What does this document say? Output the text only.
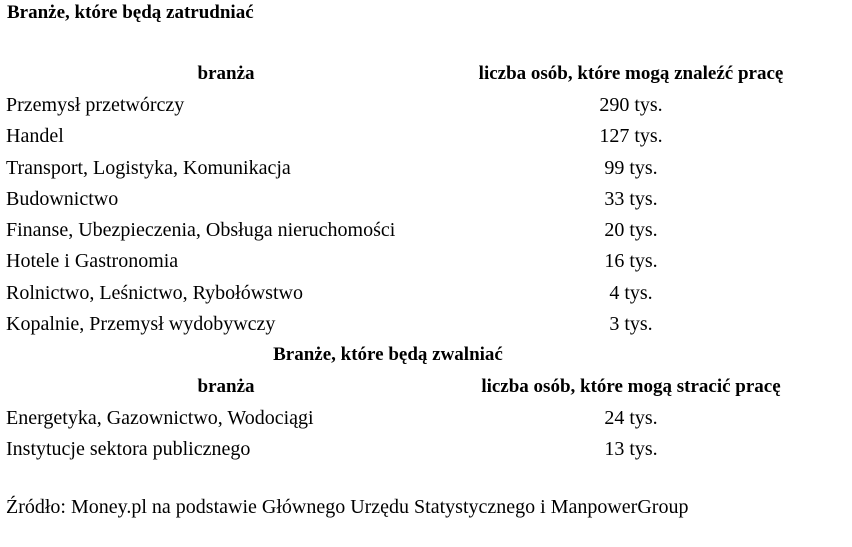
Branże, które będą zatrudniać
branża	liczba osób, które mogą znaleźć pracę
Przemysł przetwórczy	290 tys.
Handel	127 tys.
Transport, Logistyka, Komunikacja	99 tys.
Budownictwo	33 tys.
Finanse, Ubezpieczenia, Obsługa nieruchomości	20 tys.
Hotele i Gastronomia	16 tys.
Rolnictwo, Leśnictwo, Rybołówstwo	4 tys.
Kopalnie, Przemysł wydobywczy	3 tys.
Branże, które będą zwalniać	
branża	liczba osób, które mogą stracić pracę
Energetyka, Gazownictwo, Wodociągi	24 tys.
Instytucje sektora publicznego	13 tys.
Źródło: Money.pl na podstawie Głównego Urzędu Statystycznego i ManpowerGroup
